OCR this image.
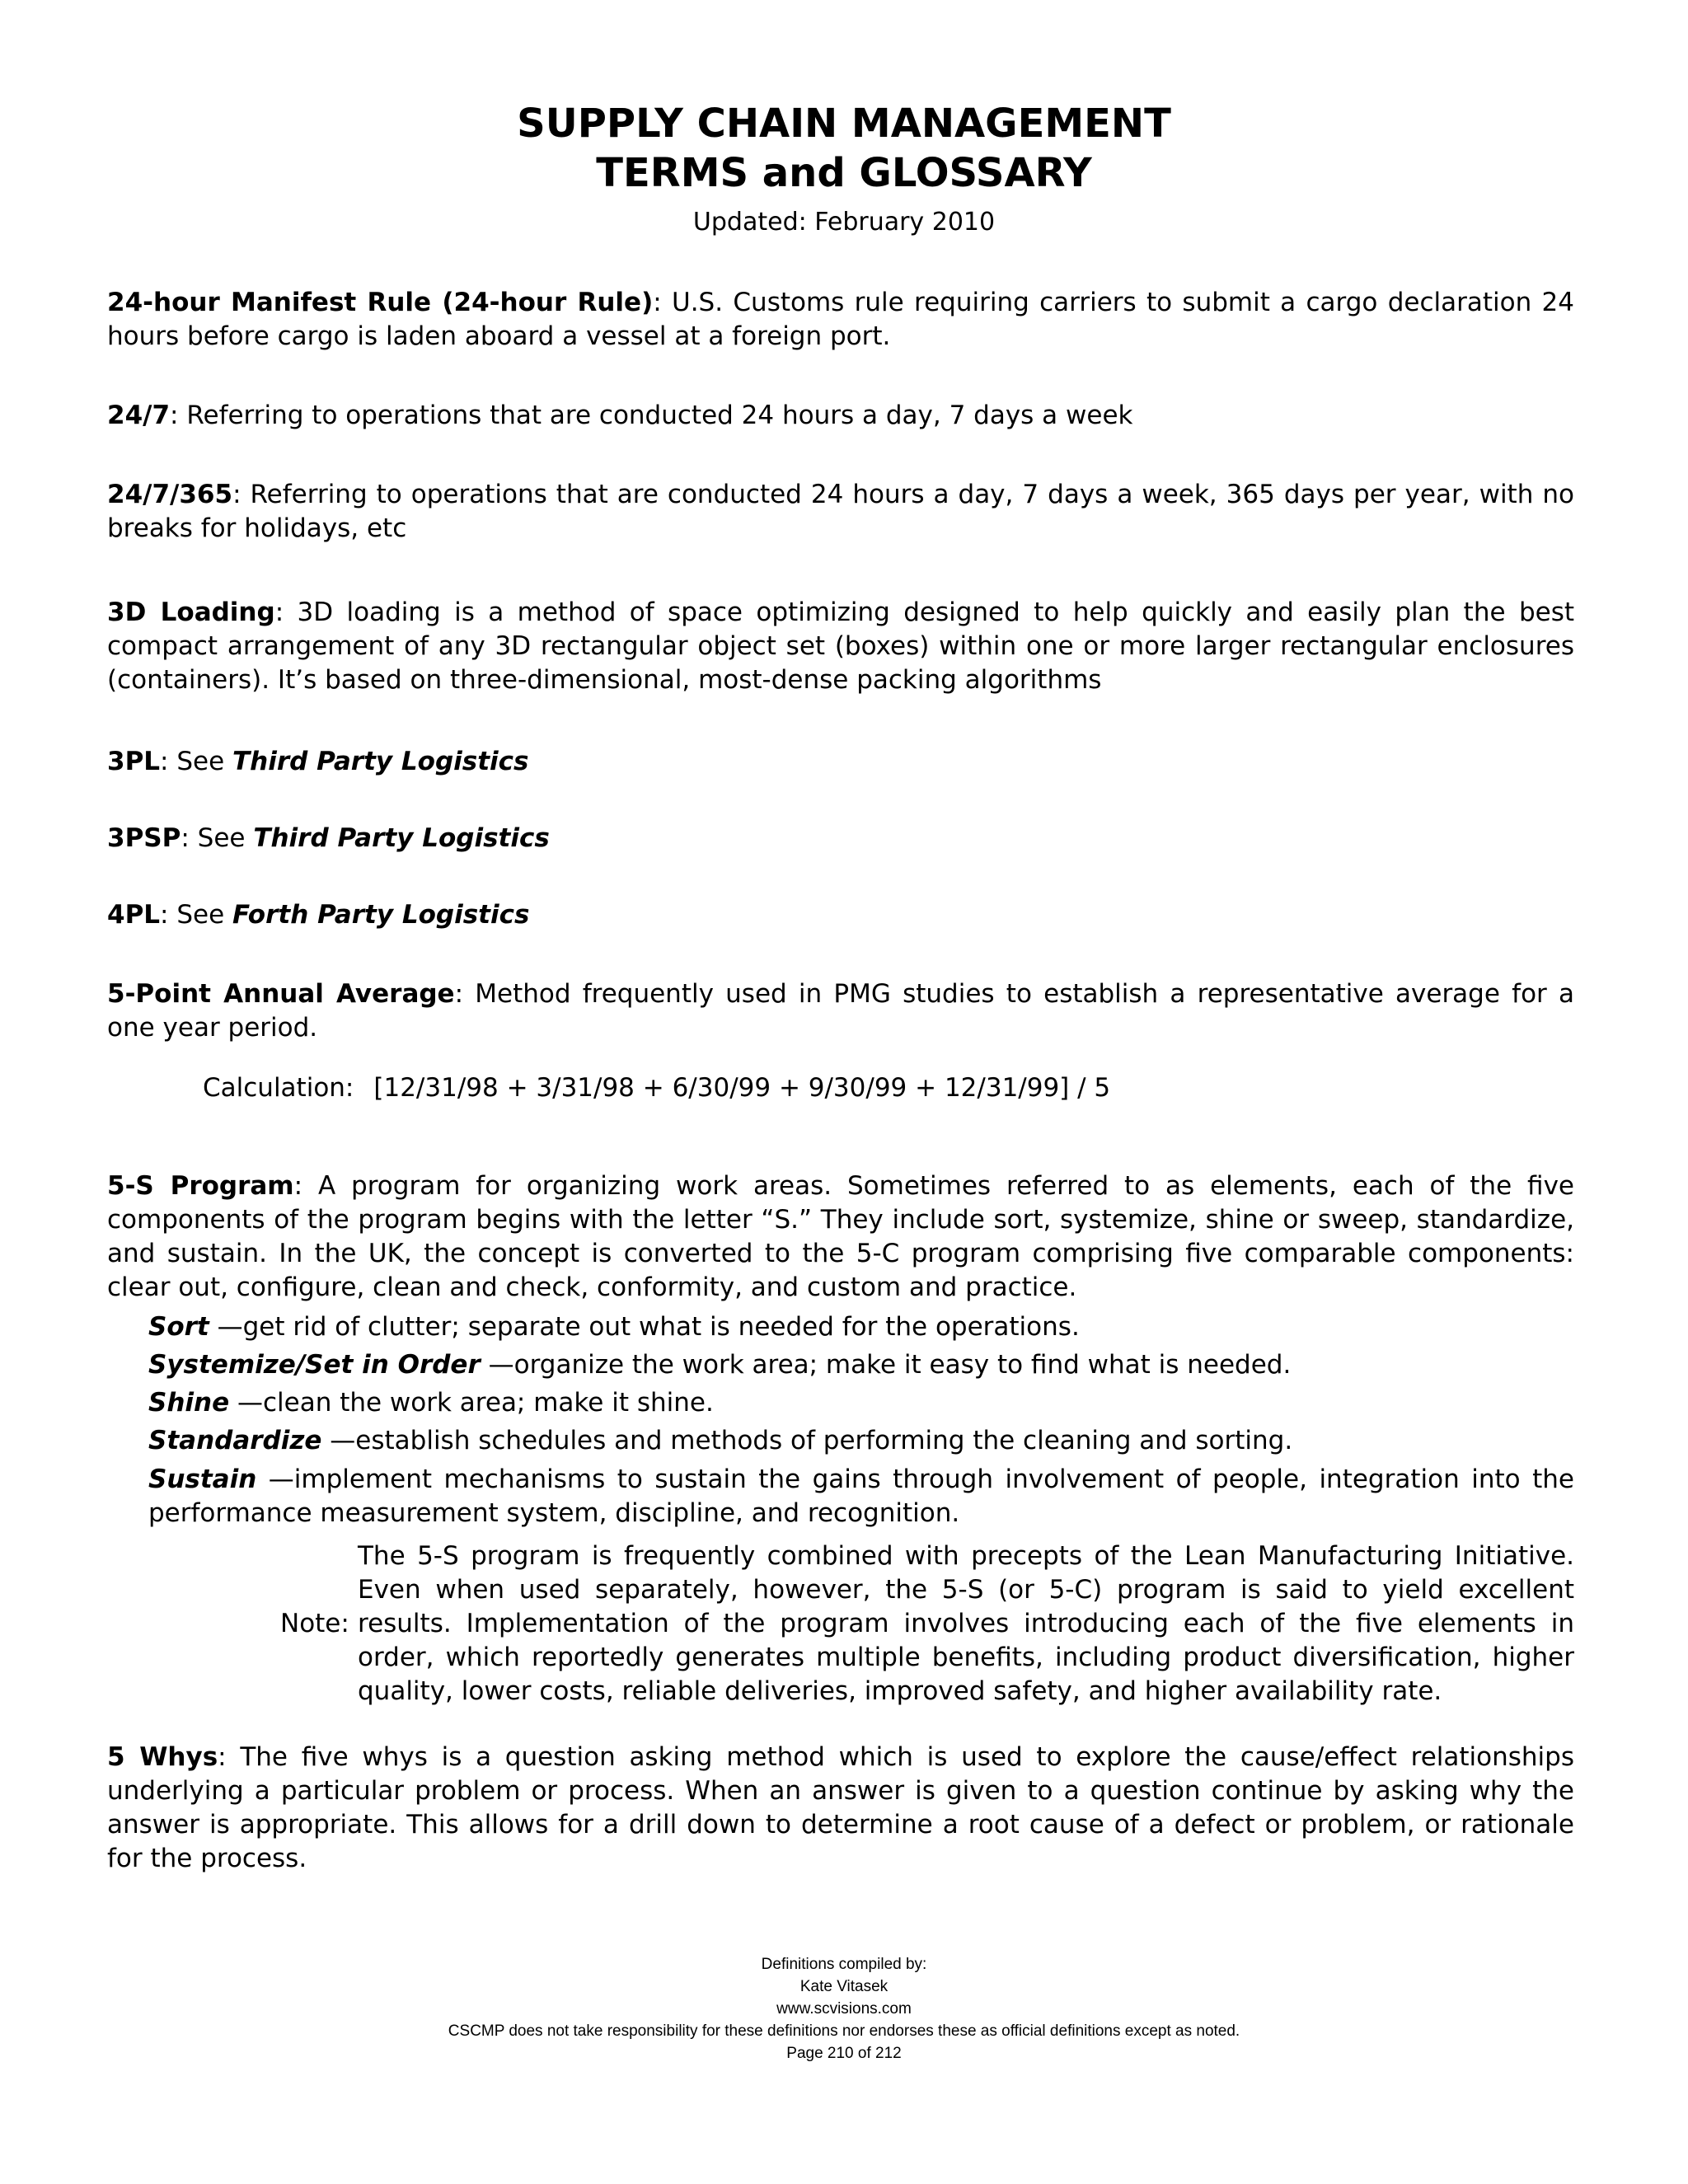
SUPPLY CHAIN MANAGEMENT
TERMS and GLOSSARY
Updated: February 2010
24-hour Manifest Rule (24-hour Rule): U.S. Customs rule requiring carriers to submit a cargo declaration 24 hours before cargo is laden aboard a vessel at a foreign port.
24/7: Referring to operations that are conducted 24 hours a day, 7 days a week
24/7/365: Referring to operations that are conducted 24 hours a day, 7 days a week, 365 days per year, with no breaks for holidays, etc
3D Loading: 3D loading is a method of space optimizing designed to help quickly and easily plan the best compact arrangement of any 3D rectangular object set (boxes) within one or more larger rectangular enclosures (containers). It’s based on three-dimensional, most-dense packing algorithms
3PL: See Third Party Logistics
3PSP: See Third Party Logistics
4PL: See Forth Party Logistics
5-Point Annual Average: Method frequently used in PMG studies to establish a representative average for a one year period.
Calculation: [12/31/98 + 3/31/98 + 6/30/99 + 9/30/99 + 12/31/99] / 5
5-S Program: A program for organizing work areas. Sometimes referred to as elements, each of the five components of the program begins with the letter “S.” They include sort, systemize, shine or sweep, standardize, and sustain. In the UK, the concept is converted to the 5-C program comprising five comparable components: clear out, configure, clean and check, conformity, and custom and practice.
Sort —get rid of clutter; separate out what is needed for the operations.
Systemize/Set in Order —organize the work area; make it easy to find what is needed.
Shine —clean the work area; make it shine.
Standardize —establish schedules and methods of performing the cleaning and sorting.
Sustain —implement mechanisms to sustain the gains through involvement of people, integration into the performance measurement system, discipline, and recognition.
Note:
The 5-S program is frequently combined with precepts of the Lean Manufacturing Initiative. Even when used separately, however, the 5-S (or 5-C) program is said to yield excellent results. Implementation of the program involves introducing each of the five elements in order, which reportedly generates multiple benefits, including product diversification, higher quality, lower costs, reliable deliveries, improved safety, and higher availability rate.
5 Whys: The five whys is a question asking method which is used to explore the cause/effect relationships underlying a particular problem or process. When an answer is given to a question continue by asking why the answer is appropriate. This allows for a drill down to determine a root cause of a defect or problem, or rationale for the process.
Definitions compiled by:
Kate Vitasek
www.scvisions.com
CSCMP does not take responsibility for these definitions nor endorses these as official definitions except as noted.
Page 210 of 212
